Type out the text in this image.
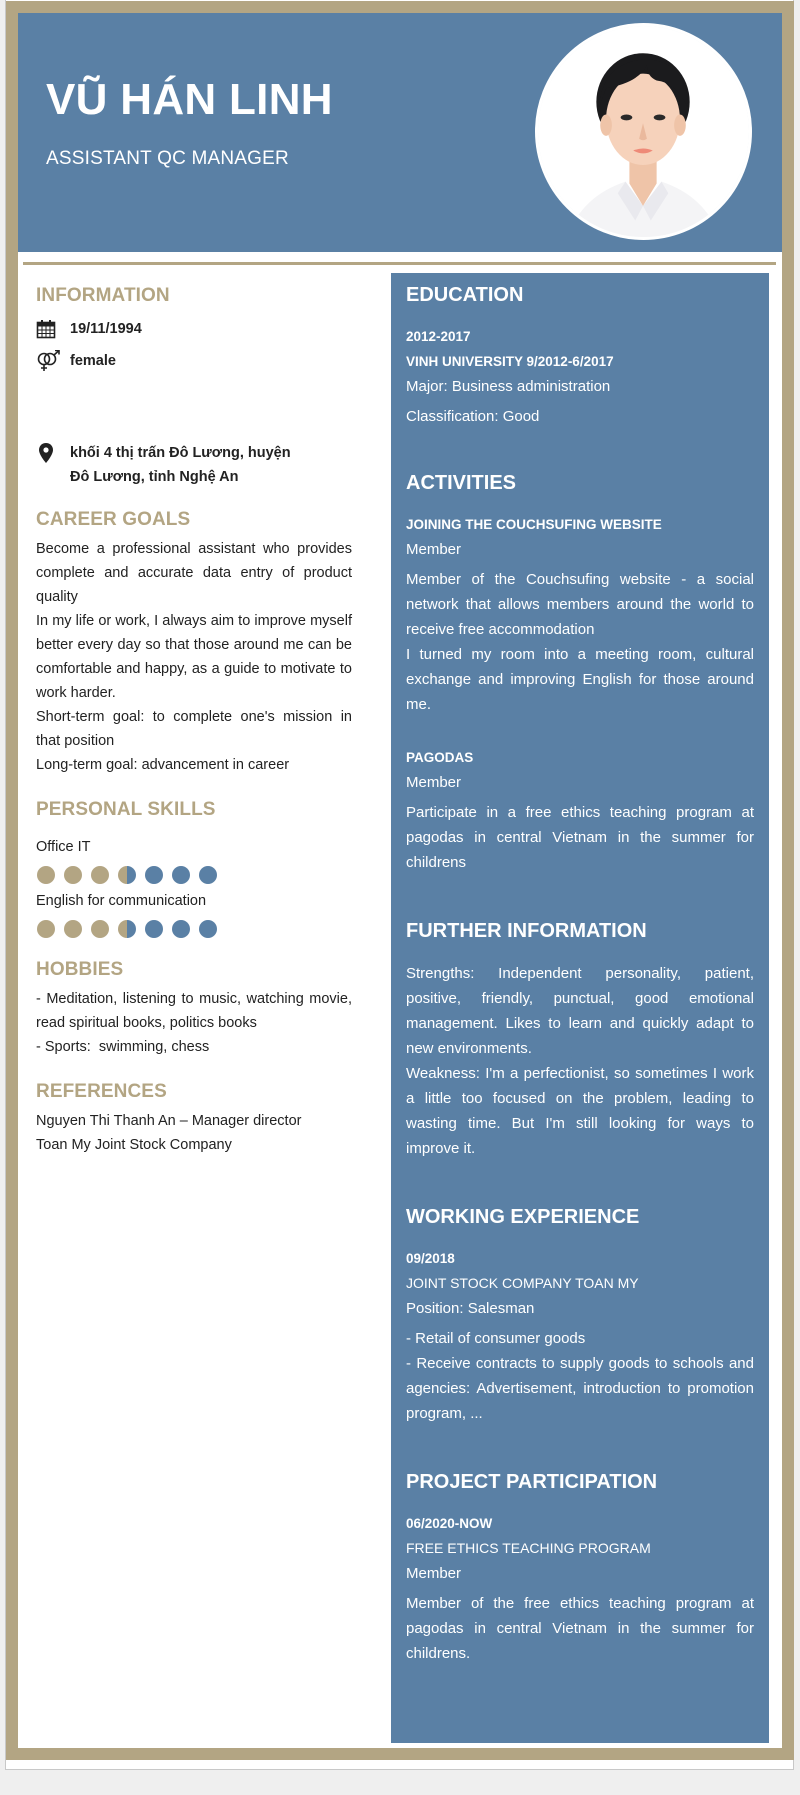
VŨ HÁN LINH
ASSISTANT QC MANAGER
INFORMATION
19/11/1994
female
khối 4 thị trấn Đô Lương, huyện Đô Lương, tỉnh Nghệ An
CAREER GOALS
Become a professional assistant who provides complete and accurate data entry of product quality
In my life or work, I always aim to improve myself better every day so that those around me can be comfortable and happy, as a guide to motivate to work harder.
Short-term goal: to complete one's mission in that position
Long-term goal: advancement in career
PERSONAL SKILLS
Office IT
English for communication
HOBBIES
- Meditation, listening to music, watching movie, read spiritual books, politics books
- Sports:  swimming, chess
REFERENCES
Nguyen Thi Thanh An – Manager director
Toan My Joint Stock Company
EDUCATION
2012-2017
VINH UNIVERSITY 9/2012-6/2017
Major: Business administration
Classification: Good
ACTIVITIES
JOINING THE COUCHSUFING WEBSITE
Member
Member of the Couchsufing website - a social network that allows members around the world to receive free accommodation
I turned my room into a meeting room, cultural exchange and improving English for those around me.
PAGODAS
Member
Participate in a free ethics teaching program at pagodas in central Vietnam in the summer for childrens
FURTHER INFORMATION
Strengths: Independent personality, patient, positive, friendly, punctual, good emotional management. Likes to learn and quickly adapt to new environments.
Weakness: I'm a perfectionist, so sometimes I work a little too focused on the problem, leading to wasting time. But I'm still looking for ways to improve it.
WORKING EXPERIENCE
09/2018
JOINT STOCK COMPANY TOAN MY
Position: Salesman
- Retail of consumer goods
- Receive contracts to supply goods to schools and agencies: Advertisement, introduction to promotion program, ...
PROJECT PARTICIPATION
06/2020-NOW
FREE ETHICS TEACHING PROGRAM
Member
Member of the free ethics teaching program at pagodas in central Vietnam in the summer for childrens.
